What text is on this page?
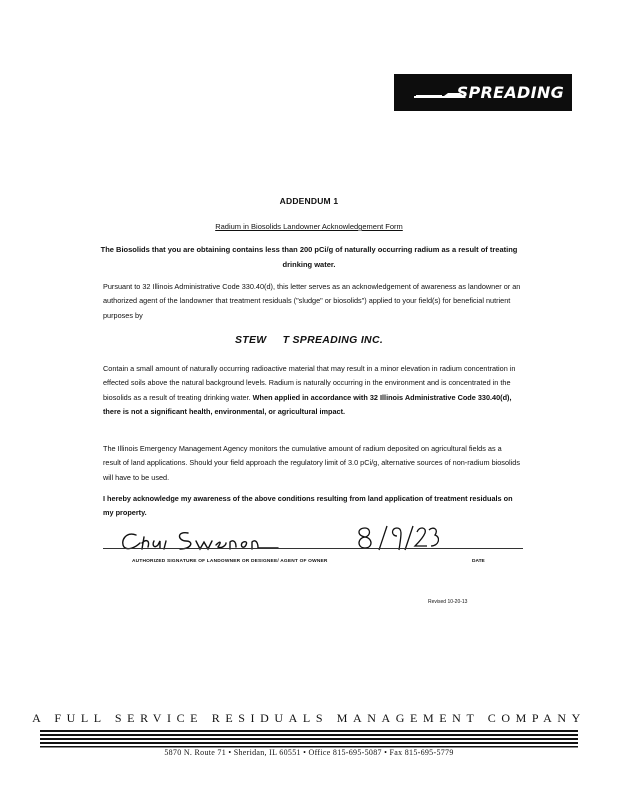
SPREADING
ADDENDUM 1
Radium in Biosolids Landowner Acknowledgement Form
The Biosolids that you are obtaining contains less than 200 pCi/g of naturally occurring radium as a result of treating drinking water.
Pursuant to 32 Illinois Administrative Code 330.40(d), this letter serves as an acknowledgement of awareness as landowner or an authorized agent of the landowner that treatment residuals ("sludge" or biosolids") applied to your field(s) for beneficial nutrient purposes by
STEW     T SPREADING INC.
Contain a small amount of naturally occurring radioactive material that may result in a minor elevation in radium concentration in effected soils above the natural background levels. Radium is naturally occurring in the environment and is concentrated in the biosolids as a result of treating drinking water. When applied in accordance with 32 Illinois Administrative Code 330.40(d), there is not a significant health, environmental, or agricultural impact.
The Illinois Emergency Management Agency monitors the cumulative amount of radium deposited on agricultural fields as a result of land applications. Should your field approach the regulatory limit of 3.0 pCi/g, alternative sources of non-radium biosolids will have to be used.
I hereby acknowledge my awareness of the above conditions resulting from land application of treatment residuals on my property.
AUTHORIZED SIGNATURE OF LANDOWNER OR DESIGNEE/ AGENT OF OWNER	DATE
Revised 10-20-13
A FULL SERVICE RESIDUALS MANAGEMENT COMPANY
5870 N. Route 71 • Sheridan, IL 60551 • Office 815-695-5087 • Fax 815-695-5779
